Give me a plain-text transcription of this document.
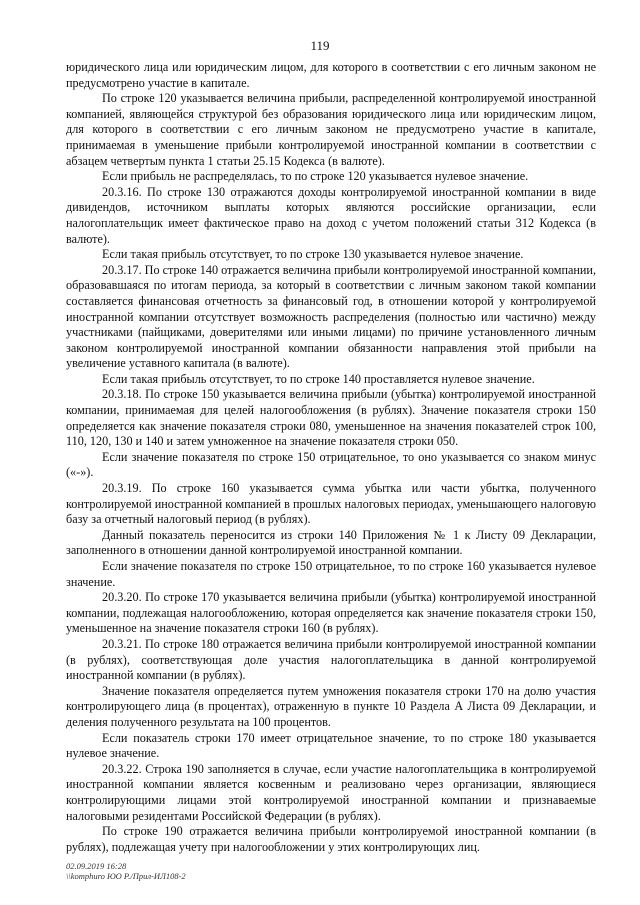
119

юридического лица или юридическим лицом, для которого в соответствии с его личным законом не предусмотрено участие в капитале.

По строке 120 указывается величина прибыли, распределенной контролируемой иностранной компанией, являющейся структурой без образования юридического лица или юридическим лицом, для которого в соответствии с его личным законом не предусмотрено участие в капитале, принимаемая в уменьшение прибыли контролируемой иностранной компании в соответствии с абзацем четвертым пункта 1 статьи 25.15 Кодекса (в валюте).

Если прибыль не распределялась, то по строке 120 указывается нулевое значение.

20.3.16. По строке 130 отражаются доходы контролируемой иностранной компании в виде дивидендов, источником выплаты которых являются российские организации, если налогоплательщик имеет фактическое право на доход с учетом положений статьи 312 Кодекса (в валюте).

Если такая прибыль отсутствует, то по строке 130 указывается нулевое значение.

20.3.17. По строке 140 отражается величина прибыли контролируемой иностранной компании, образовавшаяся по итогам периода, за который в соответствии с личным законом такой компании составляется финансовая отчетность за финансовый год, в отношении которой у контролируемой иностранной компании отсутствует возможность распределения (полностью или частично) между участниками (пайщиками, доверителями или иными лицами) по причине установленного личным законом контролируемой иностранной компании обязанности направления этой прибыли на увеличение уставного капитала (в валюте).

Если такая прибыль отсутствует, то по строке 140 проставляется нулевое значение.

20.3.18. По строке 150 указывается величина прибыли (убытка) контролируемой иностранной компании, принимаемая для целей налогообложения (в рублях). Значение показателя строки 150 определяется как значение показателя строки 080, уменьшенное на значения показателей строк 100, 110, 120, 130 и 140 и затем умноженное на значение показателя строки 050.

Если значение показателя по строке 150 отрицательное, то оно указывается со знаком минус («-»).

20.3.19. По строке 160 указывается сумма убытка или части убытка, полученного контролируемой иностранной компанией в прошлых налоговых периодах, уменьшающего налоговую базу за отчетный налоговый период (в рублях).

Данный показатель переносится из строки 140 Приложения № 1 к Листу 09 Декларации, заполненного в отношении данной контролируемой иностранной компании.

Если значение показателя по строке 150 отрицательное, то по строке 160 указывается нулевое значение.

20.3.20. По строке 170 указывается величина прибыли (убытка) контролируемой иностранной компании, подлежащая налогообложению, которая определяется как значение показателя строки 150, уменьшенное на значение показателя строки 160 (в рублях).

20.3.21. По строке 180 отражается величина прибыли контролируемой иностранной компании (в рублях), соответствующая доле участия налогоплательщика в данной контролируемой иностранной компании (в рублях).

Значение показателя определяется путем умножения показателя строки 170 на долю участия контролирующего лица (в процентах), отраженную в пункте 10 Раздела А Листа 09 Декларации, и деления полученного результата на 100 процентов.

Если показатель строки 170 имеет отрицательное значение, то по строке 180 указывается нулевое значение.

20.3.22. Строка 190 заполняется в случае, если участие налогоплательщика в контролируемой иностранной компании является косвенным и реализовано через организации, являющиеся контролирующими лицами этой контролируемой иностранной компании и признаваемые налоговыми резидентами Российской Федерации (в рублях).

По строке 190 отражается величина прибыли контролируемой иностранной компании (в рублях), подлежащая учету при налогообложении у этих контролирующих лиц.

02.09.2019 16:28
\\komphuro ЮО Р./Прил-ИЛ108-2
